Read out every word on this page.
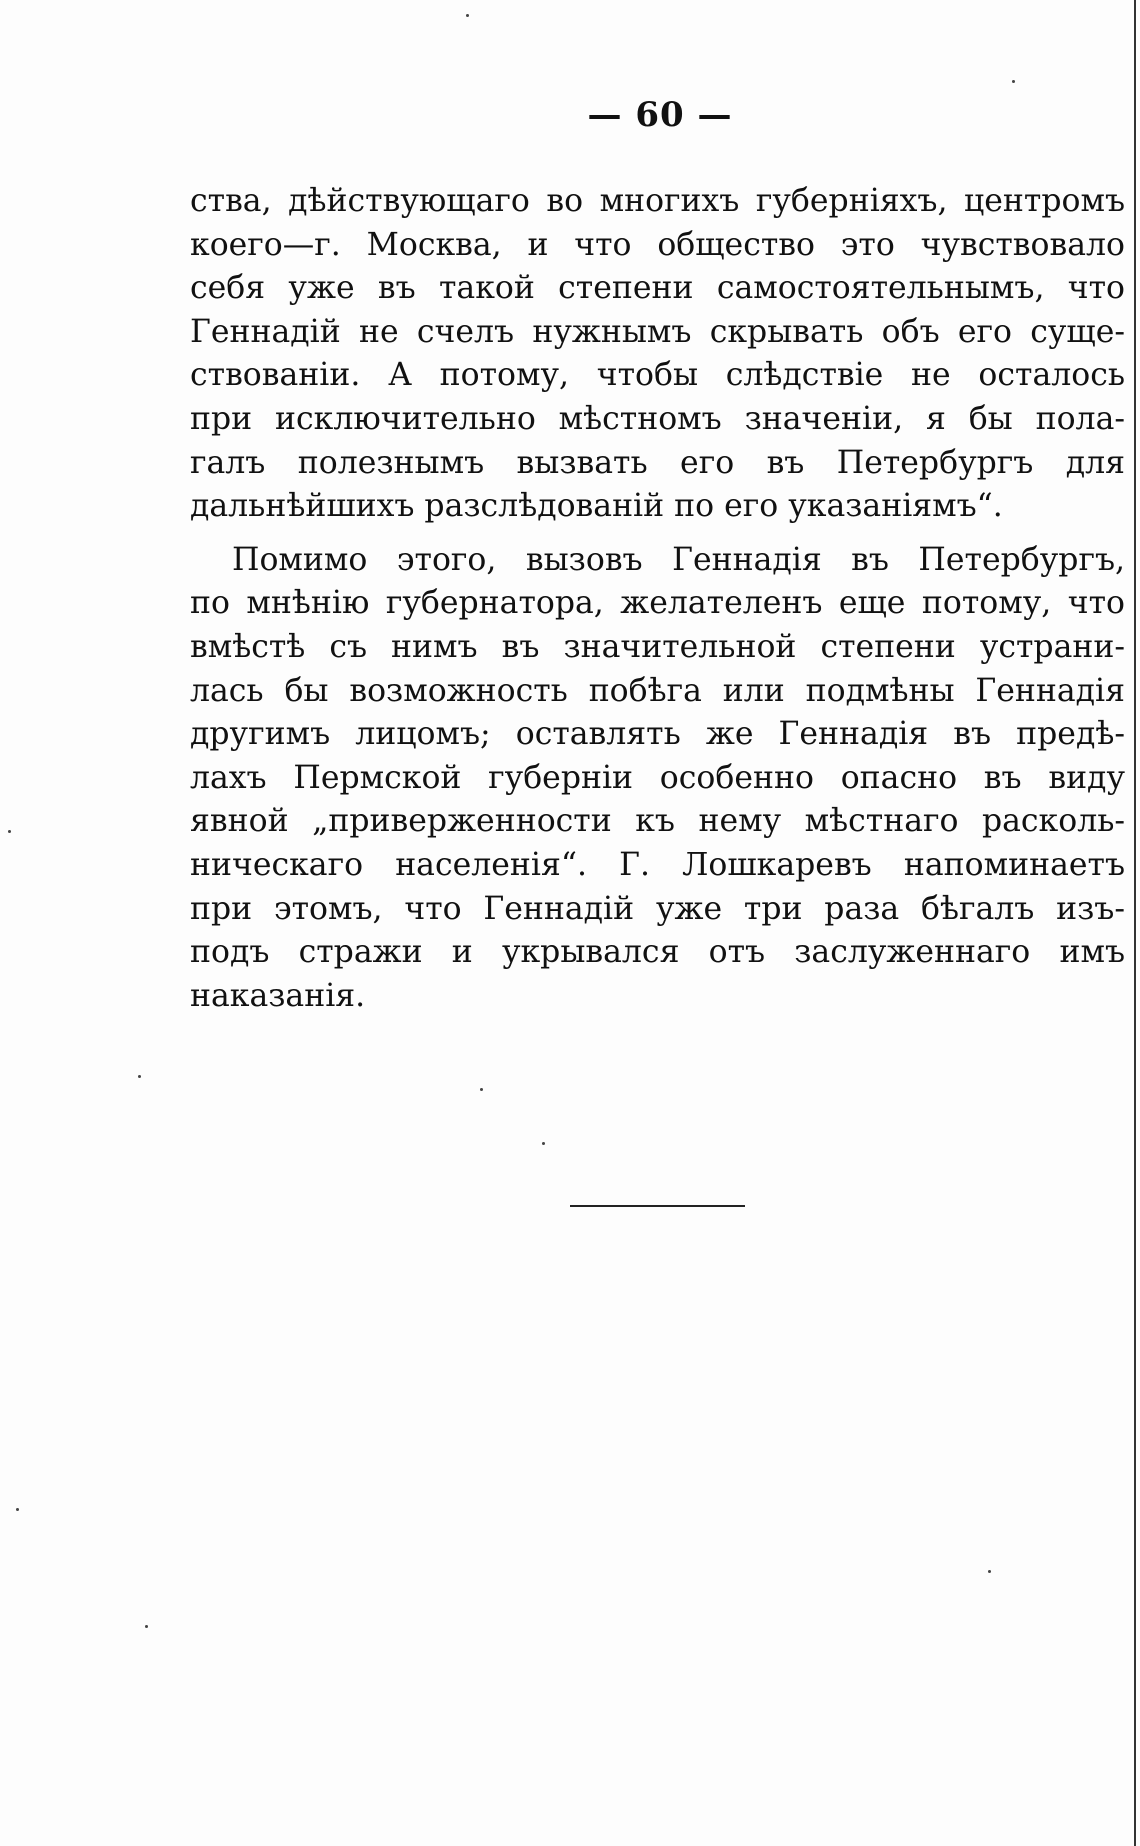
— 60 —

ства, дѣйствующаго во многихъ губерніяхъ, центромъ
коего—г. Москва, и что общество это чувствовало
себя уже въ такой степени самостоятельнымъ, что
Геннадій не счелъ нужнымъ скрывать объ его суще-
ствованіи. А потому, чтобы слѣдствіе не осталось
при исключительно мѣстномъ значеніи, я бы пола-
галъ полезнымъ вызвать его въ Петербургъ для
дальнѣйшихъ разслѣдованій по его указаніямъ“.
Помимо этого, вызовъ Геннадія въ Петербургъ,
по мнѣнію губернатора, желателенъ еще потому, что
вмѣстѣ съ нимъ въ значительной степени устрани-
лась бы возможность побѣга или подмѣны Геннадія
другимъ лицомъ; оставлять же Геннадія въ предѣ-
лахъ Пермской губерніи особенно опасно въ виду
явной „приверженности къ нему мѣстнаго расколь-
ническаго населенія“. Г. Лошкаревъ напоминаетъ
при этомъ, что Геннадій уже три раза бѣгалъ изъ-
подъ стражи и укрывался отъ заслуженнаго имъ
наказанія.
